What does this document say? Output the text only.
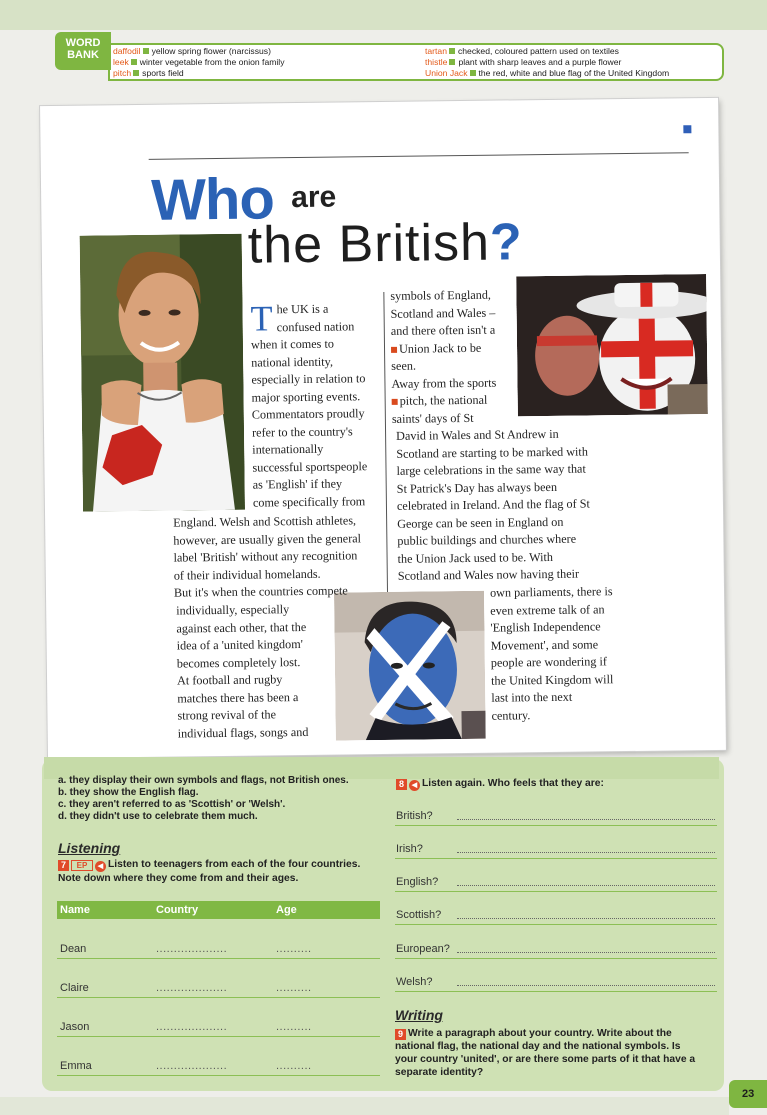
WORD BANK	daffodil yellow spring flower (narcissus)
leek winter vegetable from the onion family
pitch sports field
tartan checked, coloured pattern used on textiles
thistle plant with sharp leaves and a purple flower
Union Jack the red, white and blue flag of the United Kingdom
Who are
the British?
T he UK is a
confused nation
when it comes to
national identity,
especially in relation to
major sporting events.
Commentators proudly
refer to the country's
internationally
successful sportspeople
as 'English' if they
come specifically from
England. Welsh and Scottish athletes,
however, are usually given the general
label 'British' without any recognition
of their individual homelands.
But it's when the countries compete
individually, especially
against each other, that the
idea of a 'united kingdom'
becomes completely lost.
At football and rugby
matches there has been a
strong revival of the
individual flags, songs and
symbols of England,
Scotland and Wales –
and there often isn't a
Union Jack to be
seen.
Away from the sports
pitch, the national
saints' days of St
David in Wales and St Andrew in
Scotland are starting to be marked with
large celebrations in the same way that
St Patrick's Day has always been
celebrated in Ireland. And the flag of St
George can be seen in England on
public buildings and churches where
the Union Jack used to be. With
Scotland and Wales now having their
own parliaments, there is
even extreme talk of an
'English Independence
Movement', and some
people are wondering if
the United Kingdom will
last into the next
century.
a. they display their own symbols and flags, not British ones.
b. they show the English flag.
c. they aren't referred to as 'Scottish' or 'Welsh'.
d. they didn't use to celebrate them much.
Listening
7 EP ◀ Listen to teenagers from each of the four countries.
Note down where they come from and their ages.
Name	Country	Age
Dean	....................	..........
Claire	....................	..........
Jason	....................	..........
Emma	....................	..........
8 ◀ Listen again. Who feels that they are:
British?
Irish?
English?
Scottish?
European?
Welsh?
Writing
9 Write a paragraph about your country. Write about the
national flag, the national day and the national symbols. Is
your country 'united', or are there some parts of it that have a
separate identity?
23
